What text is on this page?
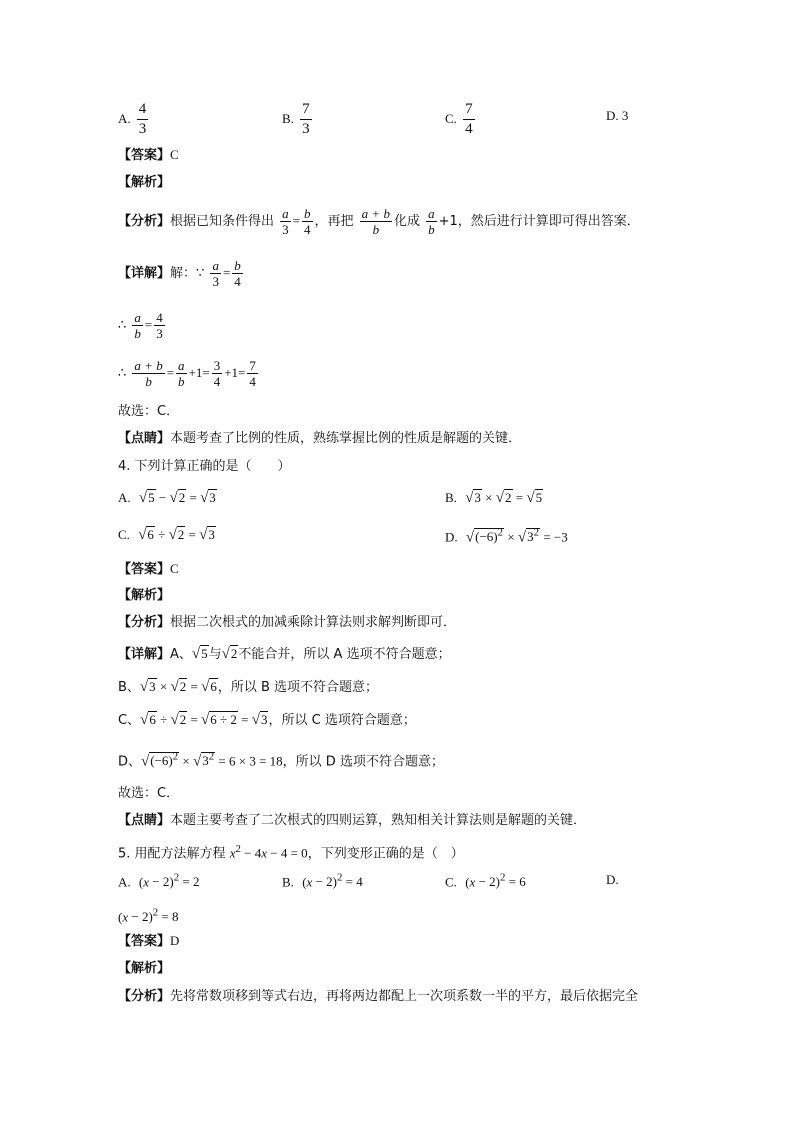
A. $\frac{4}{3}$	B. $\frac{7}{3}$	C. $\frac{7}{4}$	D. 3
【答案】C
【解析】
【分析】根据已知条件得出 $\frac{a}{3} = \frac{b}{4}$ ，再把 $\frac{a + b}{b}$ 化成 $\frac{a}{b} +1$，然后进行计算即可得出答案．
【详解】解：∵ $\frac{a}{3} = \frac{b}{4}$
∴ $\frac{a}{b} = \frac{4}{3}$
∴ $\frac{a + b}{b} = \frac{a}{b} +1= \frac{3}{4} +1= \frac{7}{4}$
故选：C．
【点睛】本题考查了比例的性质，熟练掌握比例的性质是解题的关键．
4. 下列计算正确的是（　　）
A. √5 − √2 = √3	B. √3 × √2 = √5
C. √6 ÷ √2 = √3	D. $√(-6)^2 \times √3^2 = -3$
【答案】C
【解析】
【分析】根据二次根式的加减乘除计算法则求解判断即可．
【详解】A、√5与√2不能合并，所以 A 选项不符合题意；
B、√3 × √2 = √6，所以 B 选项不符合题意；
C、√6 ÷ √2 = √6 ÷ 2 = √3，所以 C 选项符合题意；
D、$√(-6)^2 \times √3^2 = 6 \times 3 = 18$，所以 D 选项不符合题意；
故选：C．
【点睛】本题主要考查了二次根式的四则运算，熟知相关计算法则是解题的关键．
5. 用配方法解方程 $x^2 - 4x - 4 = 0$，下列变形正确的是（　）
A. $(x - 2)^2 = 2$	B. $(x - 2)^2 = 4$	C. $(x - 2)^2 = 6$	D.
$(x - 2)^2 = 8$
【答案】D
【解析】
【分析】先将常数项移到等式右边，再将两边都配上一次项系数一半的平方，最后依据完全
